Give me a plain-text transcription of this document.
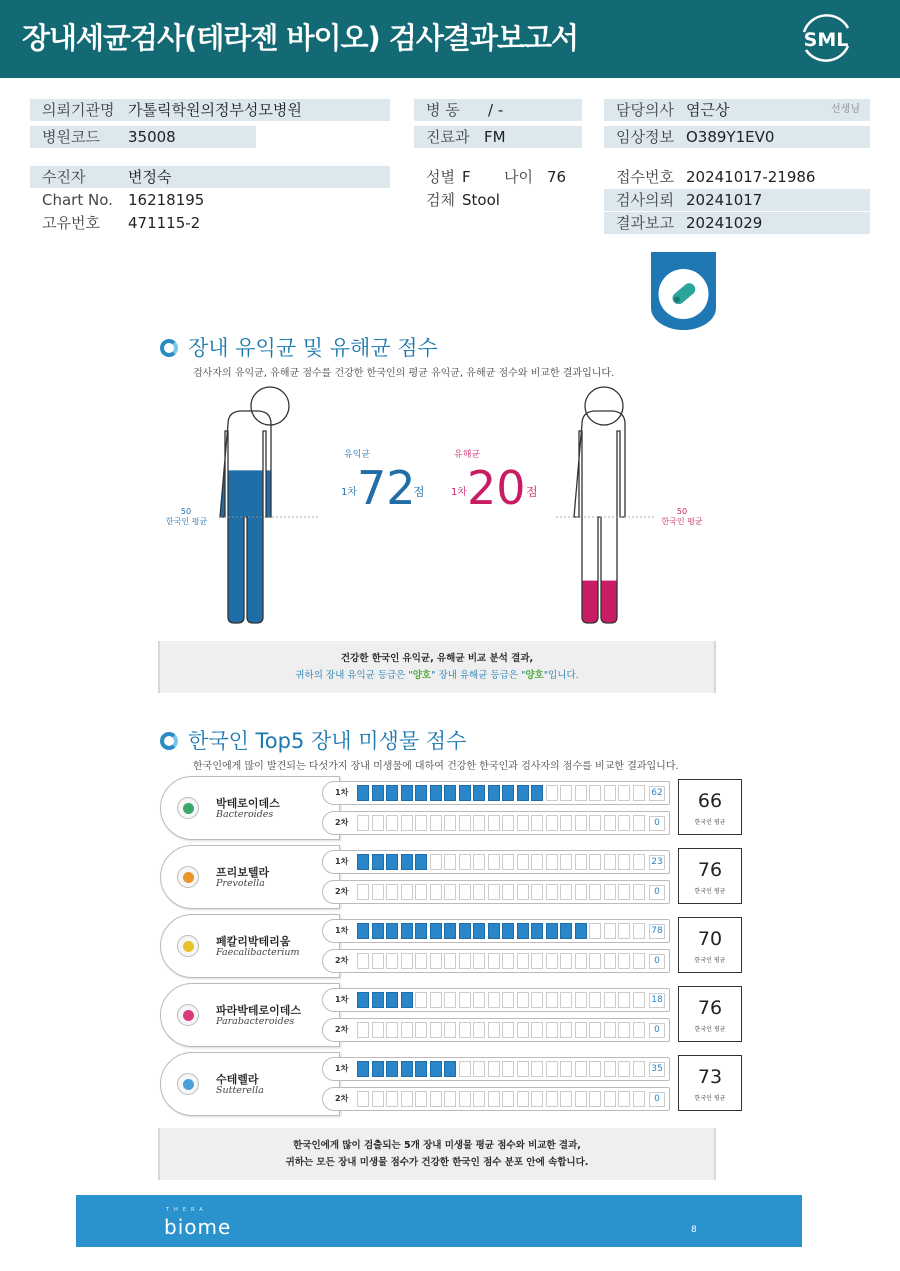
장내세균검사(테라젠 바이오) 검사결과보고서	SML
의뢰기관명 가톨릭학원의정부성모병원	병 동 / -	담당의사 염근상	선생님
병원코드 35008	진료과 FM	임상정보 O389Y1EV0
수진자	변정숙	성별 F 나이 76	접수번호 20241017-21986
Chart No. 16218195	검체 Stool	검사의뢰 20241017
고유번호 471115-2	결과보고 20241029
장내 유익균 및 유해균 점수
검사자의 유익균, 유해균 점수를 건강한 한국인의 평균 유익균, 유해균 점수와 비교한 결과입니다.
50
한국인 평균
50
한국인 평균
유익균
1차 72
점
유해균
1차 20 점
건강한 한국인 유익균, 유해균 비교 분석 결과,
귀하의 장내 유익균 등급은 "양호" 장내 유해균 등급은 "양호"입니다.
한국인 Top5 장내 미생물 점수
한국인에게 많이 발견되는 다섯가지 장내 미생물에 대하여 건강한 한국인과 검사자의 점수를 비교한 결과입니다.
박테로이데스
Bacteroides
1차	62
2차	0
66
한국인 평균
프리보텔라
Prevotella
1차	23
2차	0
76
한국인 평균
페칼리박테리움
Faecalibacterium
1차	78
2차	0
70
한국인 평균
파라박테로이데스
Parabacteroides
1차	18
2차	0
76
한국인 평균
수테렐라
Sutterella
1차	35
2차	0
73
한국인 평균
한국인에게 많이 검출되는 5개 장내 미생물 평균 점수와 비교한 결과,
귀하는 모든 장내 미생물 점수가 건강한 한국인 점수 분포 안에 속합니다.
THERA
biome	8
